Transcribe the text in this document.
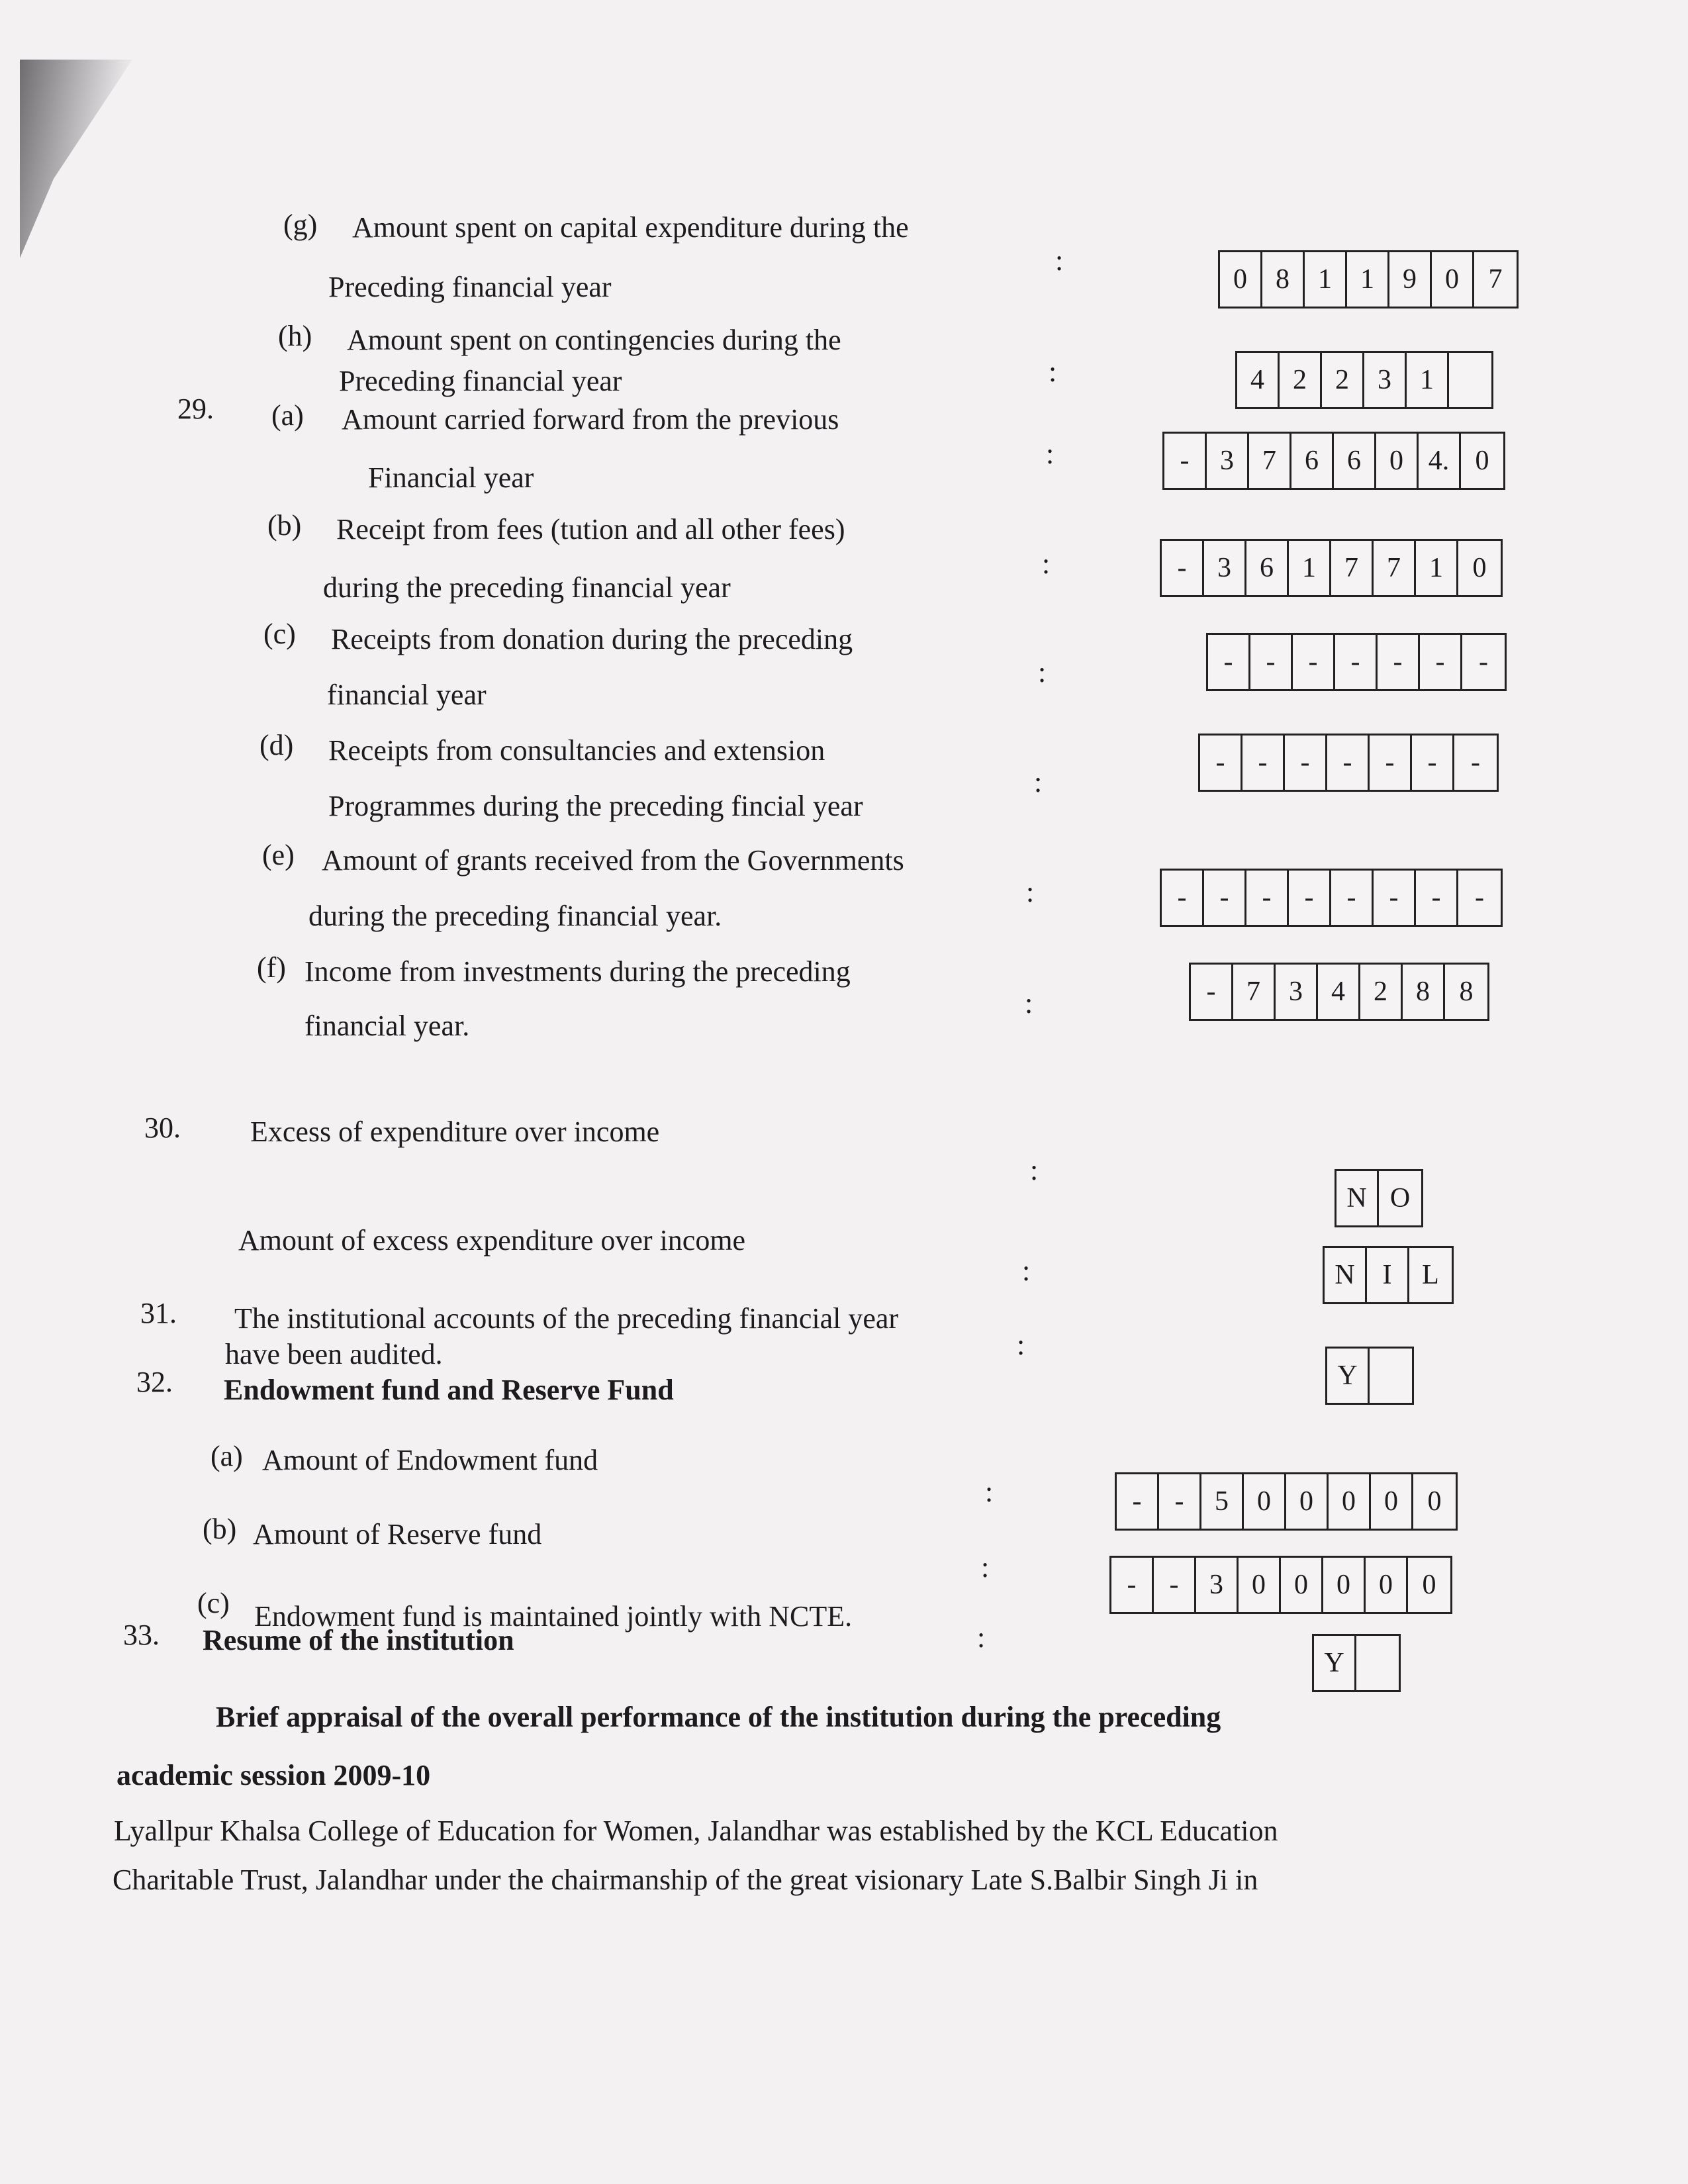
(g) Amount spent on capital expenditure during the
Preceding financial year
:
0	8	1	1	9	0	7
(h) Amount spent on contingencies during the
Preceding financial year	:	4	2	2	3	1
29. (a) Amount carried forward from the previous
Financial year
:	-	3	7	6	6	0 4. 0
(b) Receipt from fees (tution and all other fees)
during the preceding financial year
:	-	3	6	1	7	7	1	0
(c) Receipts from donation during the preceding
financial year
:	-	-	-	-	-	-	-
(d) Receipts from consultancies and extension
Programmes during the preceding fincial year
:
-	-	-	-	-	-	-
(e) Amount of grants received from the Governments
during the preceding financial year.
:	-	-	-	-	-	-	-	-
(f) Income from investments during the preceding
financial year.
:	-	7	3	4	2	8	8
30. Excess of expenditure over income
:
N O
Amount of excess expenditure over income
:	N I	L
31. The institutional accounts of the preceding financial year
have been audited.	:
Y
32. Endowment fund and Reserve Fund
(a) Amount of Endowment fund
:	-	-	5	0	0	0	0	0
(b) Amount of Reserve fund
:
-	-	3	0	0	0	0	0
(c) Endowment fund is maintained jointly with NCTE.
:
Y
33. Resume of the institution
Brief appraisal of the overall performance of the institution during the preceding
academic session 2009-10
Lyallpur Khalsa College of Education for Women, Jalandhar was established by the KCL Education
Charitable Trust, Jalandhar under the chairmanship of the great visionary Late S.Balbir Singh Ji in
